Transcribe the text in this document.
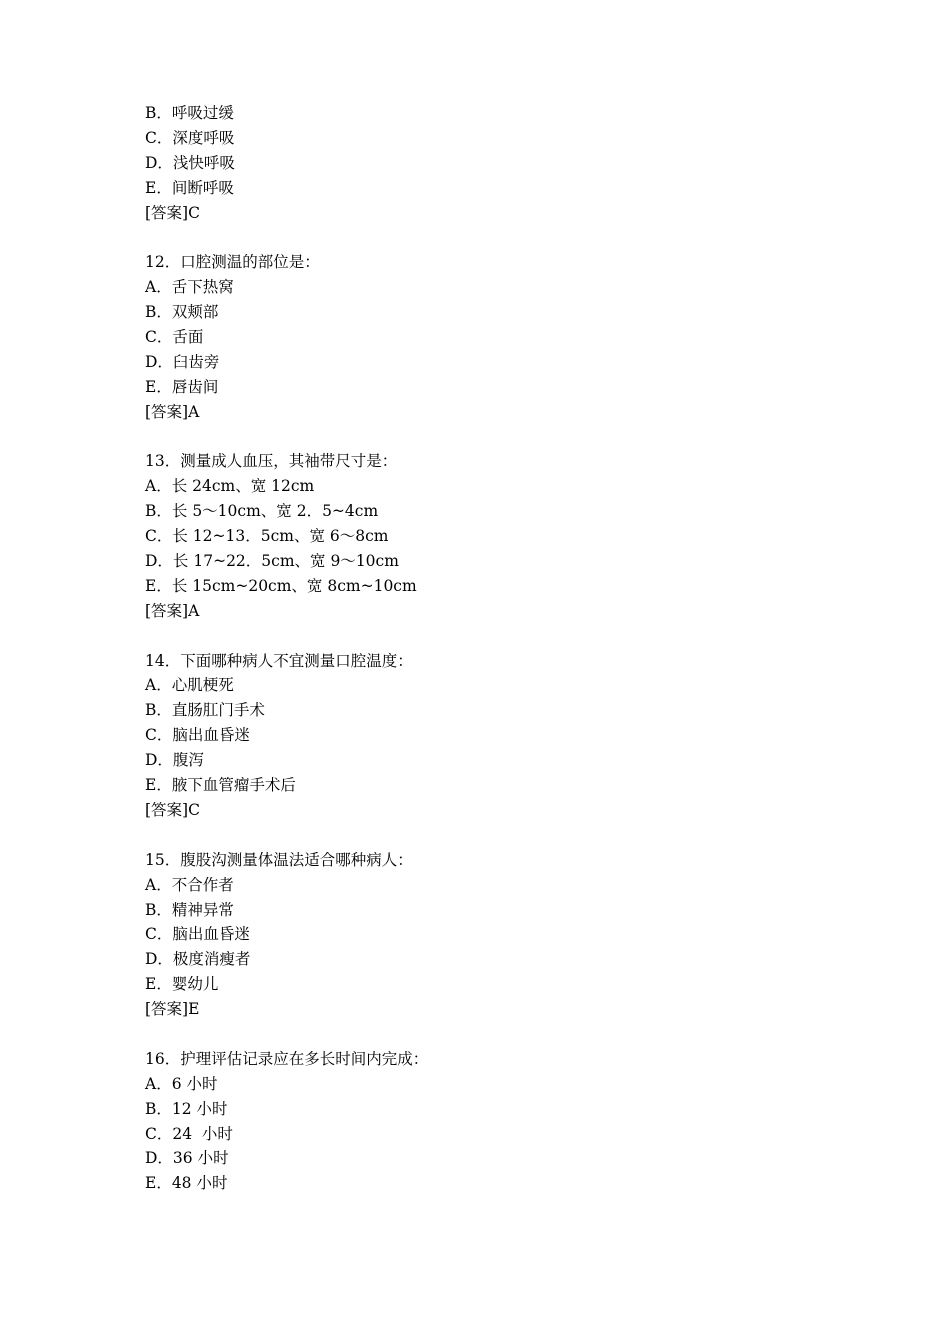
B．呼吸过缓
C．深度呼吸
D．浅快呼吸
E．间断呼吸
[答案]C
12．口腔测温的部位是：
A．舌下热窝
B．双颊部
C．舌面
D．臼齿旁
E．唇齿间
[答案]A
13．测量成人血压，其袖带尺寸是：
A．长 24cm、宽 12cm
B．长 5～10cm、宽 2．5~4cm
C．长 12~13．5cm、宽 6～8cm
D．长 17~22．5cm、宽 9～10cm
E．长 15cm~20cm、宽 8cm~10cm
[答案]A
14．下面哪种病人不宜测量口腔温度：
A．心肌梗死
B．直肠肛门手术
C．脑出血昏迷
D．腹泻
E．腋下血管瘤手术后
[答案]C
15．腹股沟测量体温法适合哪种病人：
A．不合作者
B．精神异常
C．脑出血昏迷
D．极度消瘦者
E．婴幼儿
[答案]E
16．护理评估记录应在多长时间内完成：
A．6 小时
B．12 小时
C．24  小时
D．36 小时
E．48 小时
